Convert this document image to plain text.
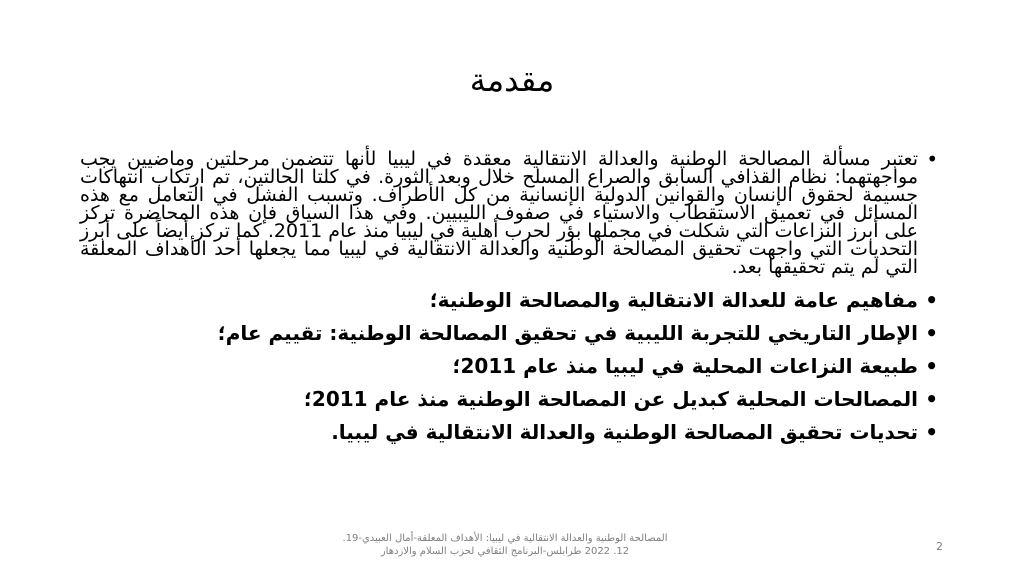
مقدمة
• تعتبر مسألة المصالحة الوطنية والعدالة الانتقالية معقدة في ليبيا لأنها تتضمن مرحلتين وماضيين يجب مواجهتهما: نظام القذافي السابق والصراع المسلح خلال وبعد الثورة. في كلتا الحالتين، تم ارتكاب انتهاكات جسيمة لحقوق الإنسان والقوانين الدولية الإنسانية من كل الأطراف. وتسبب الفشل في التعامل مع هذه المسائل في تعميق الاستقطاب والاستياء في صفوف الليبيين. وفي هذا السياق فإن هذه المحاضرة تركز على أبرز النزاعات التي شكلت في مجملها بؤر لحرب أهلية في ليبيا منذ عام 2011. كما تركز أيضاً على أبرز التحديات التي واجهت تحقيق المصالحة الوطنية والعدالة الانتقالية في ليبيا مما يجعلها أحد الأهداف المعلقة التي لم يتم تحقيقها بعد.
• مفاهيم عامة للعدالة الانتقالية والمصالحة الوطنية؛
• الإطار التاريخي للتجربة الليبية في تحقيق المصالحة الوطنية: تقييم عام؛
• طبيعة النزاعات المحلية في ليبيا منذ عام 2011؛
• المصالحات المحلية كبديل عن المصالحة الوطنية منذ عام 2011؛
• تحديات تحقيق المصالحة الوطنية والعدالة الانتقالية في ليبيا.
المصالحة الوطنية والعدالة الانتقالية في ليبيا: الأهداف المعلقة-أمال العبيدي-19.
12. 2022 طرابلس-البرنامج الثقافي لحزب السلام والازدهار	2
